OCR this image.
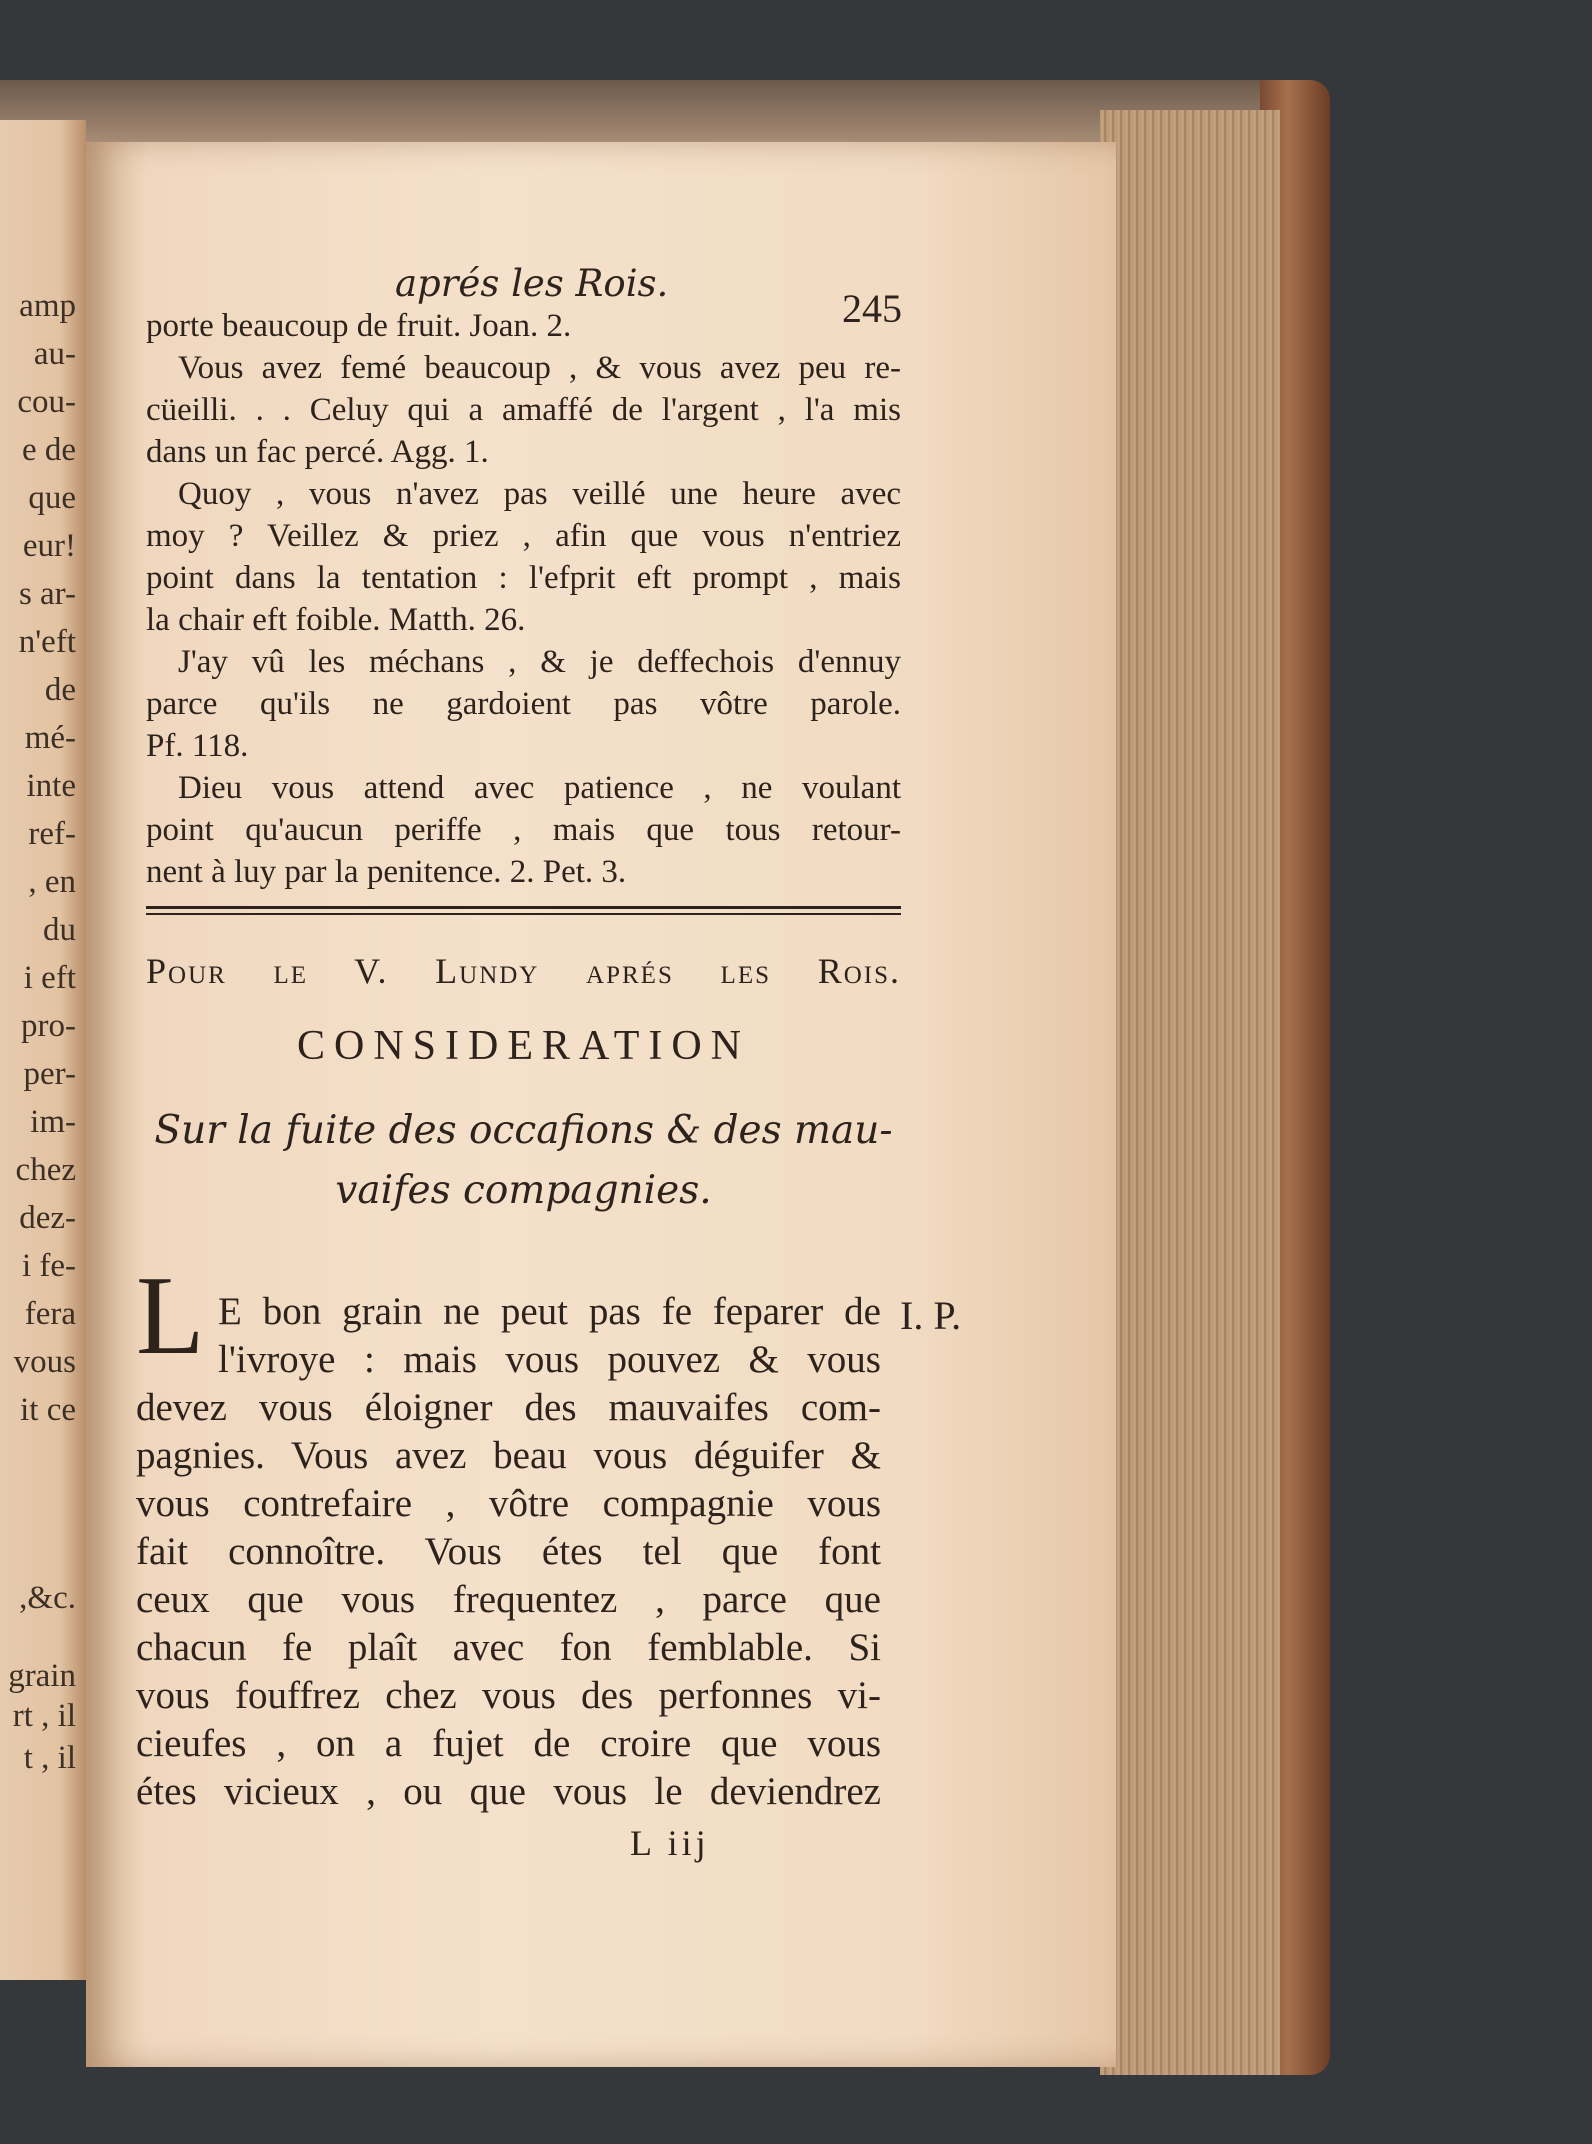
amp
au-
cou-
e de
que
eur!
s ar-
n'eft
de
mé-
inte
ref-
, en
du
i eft
pro-
per-
im-
chez
dez-
i fe-
fera
vous
it ce
,&c.
grain
rt , il
t , il
aprés les Rois.
245
porte beaucoup de fruit. Joan. 2.
Vous avez femé beaucoup , & vous avez peu re-
cüeilli. . . Celuy qui a amaffé de l'argent , l'a mis
dans un fac percé. Agg. 1.
Quoy , vous n'avez pas veillé une heure avec
moy ? Veillez & priez , afin que vous n'entriez
point dans la tentation : l'efprit eft prompt , mais
la chair eft foible. Matth. 26.
J'ay vû les méchans , & je deffechois d'ennuy
parce qu'ils ne gardoient pas vôtre parole.
Pf. 118.
Dieu vous attend avec patience , ne voulant
point qu'aucun periffe , mais que tous retour-
nent à luy par la penitence. 2. Pet. 3.
Pour le V. Lundy aprés les Rois.
CONSIDERATION
Sur la fuite des occafions & des mau-
vaifes compagnies.
L	I. P.
E bon grain ne peut pas fe feparer de
l'ivroye : mais vous pouvez & vous
devez vous éloigner des mauvaifes com-
pagnies. Vous avez beau vous déguifer &
vous contrefaire , vôtre compagnie vous
fait connoître. Vous étes tel que font
ceux que vous frequentez , parce que
chacun fe plaît avec fon femblable. Si
vous fouffrez chez vous des perfonnes vi-
cieufes , on a fujet de croire que vous
étes vicieux , ou que vous le deviendrez
L iij
